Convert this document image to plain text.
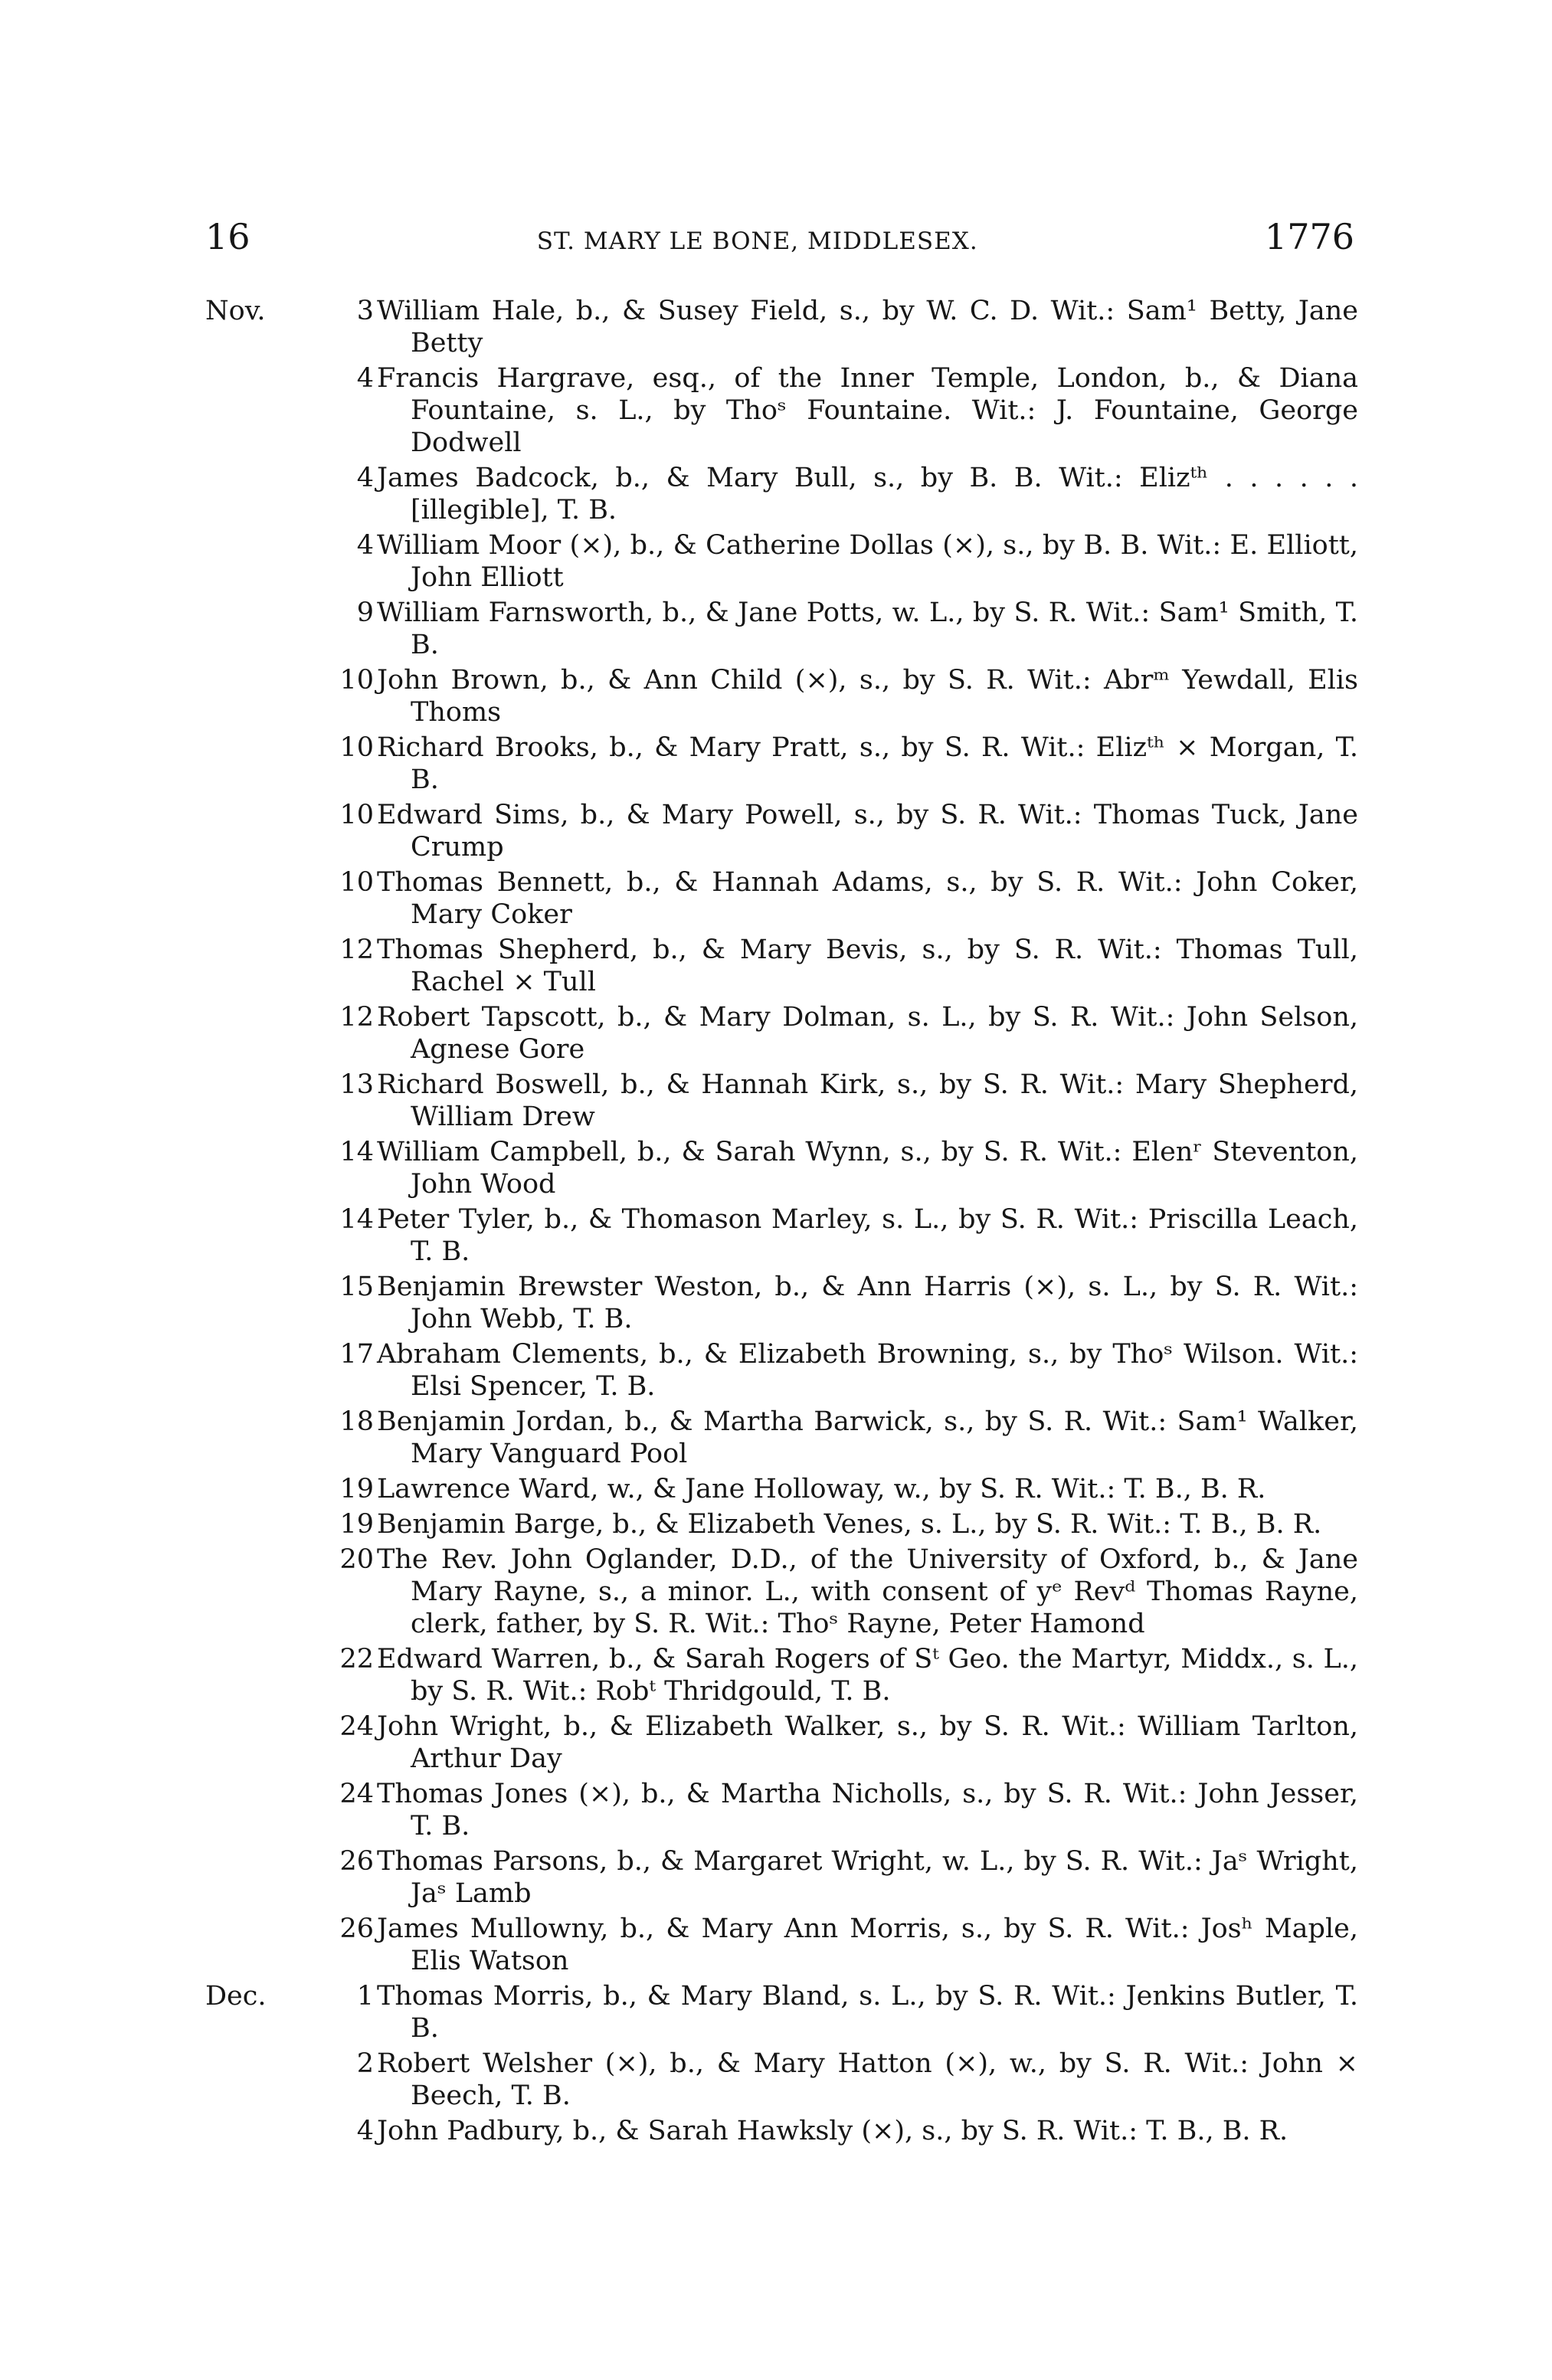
16	ST. MARY LE BONE, MIDDLESEX.	1776
Nov.	3 William Hale, b., & Susey Field, s., by W. C. D. Wit.: Sam¹ Betty, Jane Betty
4 Francis Hargrave, esq., of the Inner Temple, London, b., & Diana Fountaine, s. L., by Thoˢ Fountaine. Wit.: J. Fountaine, George Dodwell
4 James Badcock, b., & Mary Bull, s., by B. B. Wit.: Elizᵗʰ . . . . . . [illegible], T. B.
4 William Moor (×), b., & Catherine Dollas (×), s., by B. B. Wit.: E. Elliott, John Elliott
9 William Farnsworth, b., & Jane Potts, w. L., by S. R. Wit.: Sam¹ Smith, T. B.
10 John Brown, b., & Ann Child (×), s., by S. R. Wit.: Abrᵐ Yewdall, Elis Thoms
10 Richard Brooks, b., & Mary Pratt, s., by S. R. Wit.: Elizᵗʰ × Morgan, T. B.
10 Edward Sims, b., & Mary Powell, s., by S. R. Wit.: Thomas Tuck, Jane Crump
10 Thomas Bennett, b., & Hannah Adams, s., by S. R. Wit.: John Coker, Mary Coker
12 Thomas Shepherd, b., & Mary Bevis, s., by S. R. Wit.: Thomas Tull, Rachel × Tull
12 Robert Tapscott, b., & Mary Dolman, s. L., by S. R. Wit.: John Selson, Agnese Gore
13 Richard Boswell, b., & Hannah Kirk, s., by S. R. Wit.: Mary Shepherd, William Drew
14 William Campbell, b., & Sarah Wynn, s., by S. R. Wit.: Elenʳ Steventon, John Wood
14 Peter Tyler, b., & Thomason Marley, s. L., by S. R. Wit.: Priscilla Leach, T. B.
15 Benjamin Brewster Weston, b., & Ann Harris (×), s. L., by S. R. Wit.: John Webb, T. B.
17 Abraham Clements, b., & Elizabeth Browning, s., by Thoˢ Wilson. Wit.: Elsi Spencer, T. B.
18 Benjamin Jordan, b., & Martha Barwick, s., by S. R. Wit.: Sam¹ Walker, Mary Vanguard Pool
19 Lawrence Ward, w., & Jane Holloway, w., by S. R. Wit.: T. B., B. R.
19 Benjamin Barge, b., & Elizabeth Venes, s. L., by S. R. Wit.: T. B., B. R.
20 The Rev. John Oglander, D.D., of the University of Oxford, b., & Jane Mary Rayne, s., a minor. L., with consent of yᵉ Revᵈ Thomas Rayne, clerk, father, by S. R. Wit.: Thoˢ Rayne, Peter Hamond
22 Edward Warren, b., & Sarah Rogers of Sᵗ Geo. the Martyr, Middx., s. L., by S. R. Wit.: Robᵗ Thridgould, T. B.
24 John Wright, b., & Elizabeth Walker, s., by S. R. Wit.: William Tarlton, Arthur Day
24 Thomas Jones (×), b., & Martha Nicholls, s., by S. R. Wit.: John Jesser, T. B.
26 Thomas Parsons, b., & Margaret Wright, w. L., by S. R. Wit.: Jaˢ Wright, Jaˢ Lamb
26 James Mullowny, b., & Mary Ann Morris, s., by S. R. Wit.: Josʰ Maple, Elis Watson
Dec.	1 Thomas Morris, b., & Mary Bland, s. L., by S. R. Wit.: Jenkins Butler, T. B.
2 Robert Welsher (×), b., & Mary Hatton (×), w., by S. R. Wit.: John × Beech, T. B.
4 John Padbury, b., & Sarah Hawksly (×), s., by S. R. Wit.: T. B., B. R.
